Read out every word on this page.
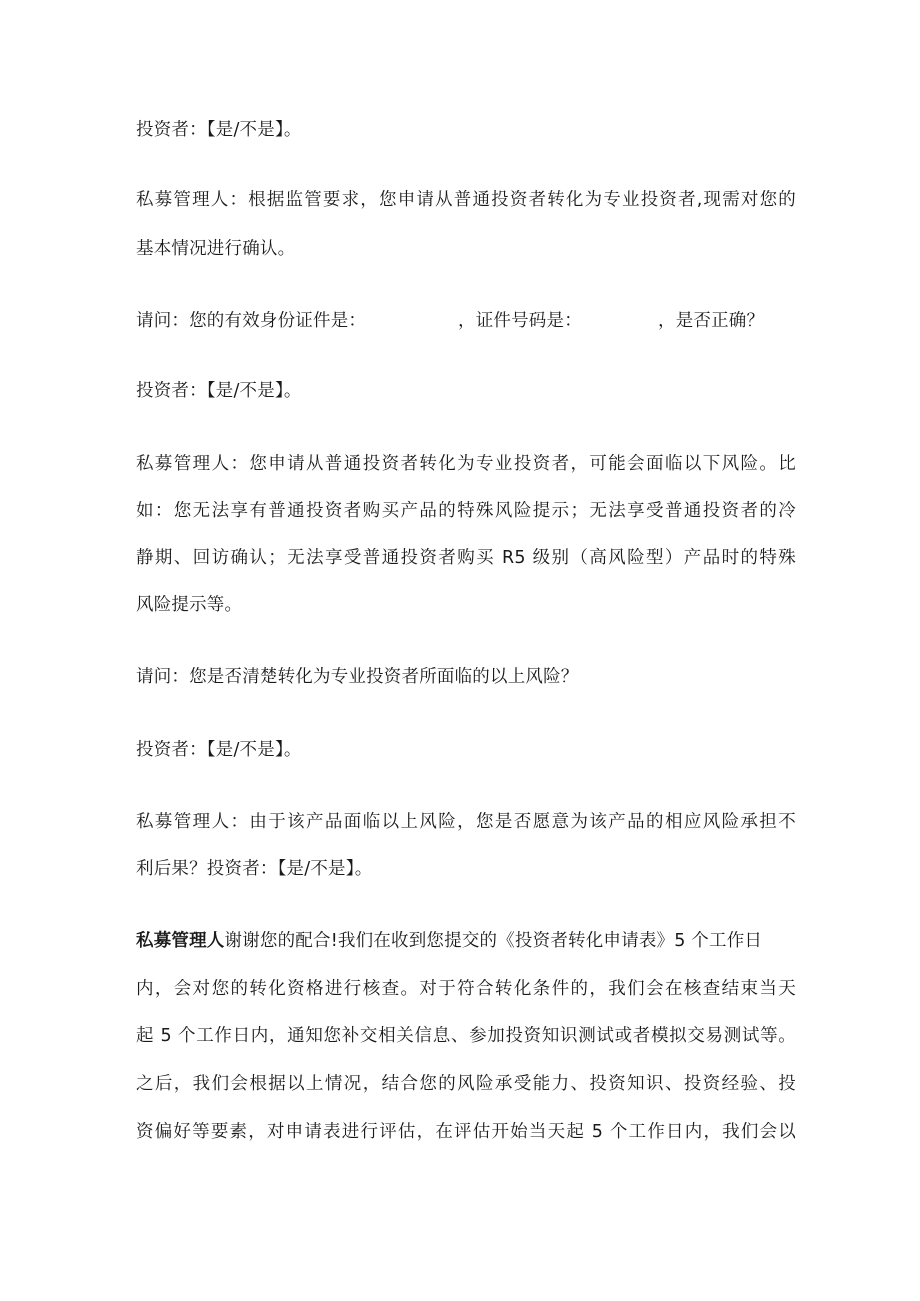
投资者：【是/不是】。
私募管理人：根据监管要求，您申请从普通投资者转化为专业投资者,现需对您的
基本情况进行确认。
请问：您的有效身份证件是：	，证件号码是：	，是否正确？
投资者：【是/不是】。
私募管理人：您申请从普通投资者转化为专业投资者，可能会面临以下风险。比
如：您无法享有普通投资者购买产品的特殊风险提示；无法享受普通投资者的冷
静期、回访确认；无法享受普通投资者购买 R5 级别（高风险型）产品时的特殊
风险提示等。
请问：您是否清楚转化为专业投资者所面临的以上风险？
投资者：【是/不是】。
私募管理人：由于该产品面临以上风险，您是否愿意为该产品的相应风险承担不
利后果？投资者：【是/不是】。
私募管理人谢谢您的配合!我们在收到您提交的《投资者转化申请表》5 个工作日
内，会对您的转化资格进行核查。对于符合转化条件的，我们会在核查结束当天
起 5 个工作日内，通知您补交相关信息、参加投资知识测试或者模拟交易测试等。
之后，我们会根据以上情况，结合您的风险承受能力、投资知识、投资经验、投
资偏好等要素，对申请表进行评估，在评估开始当天起 5 个工作日内，我们会以
